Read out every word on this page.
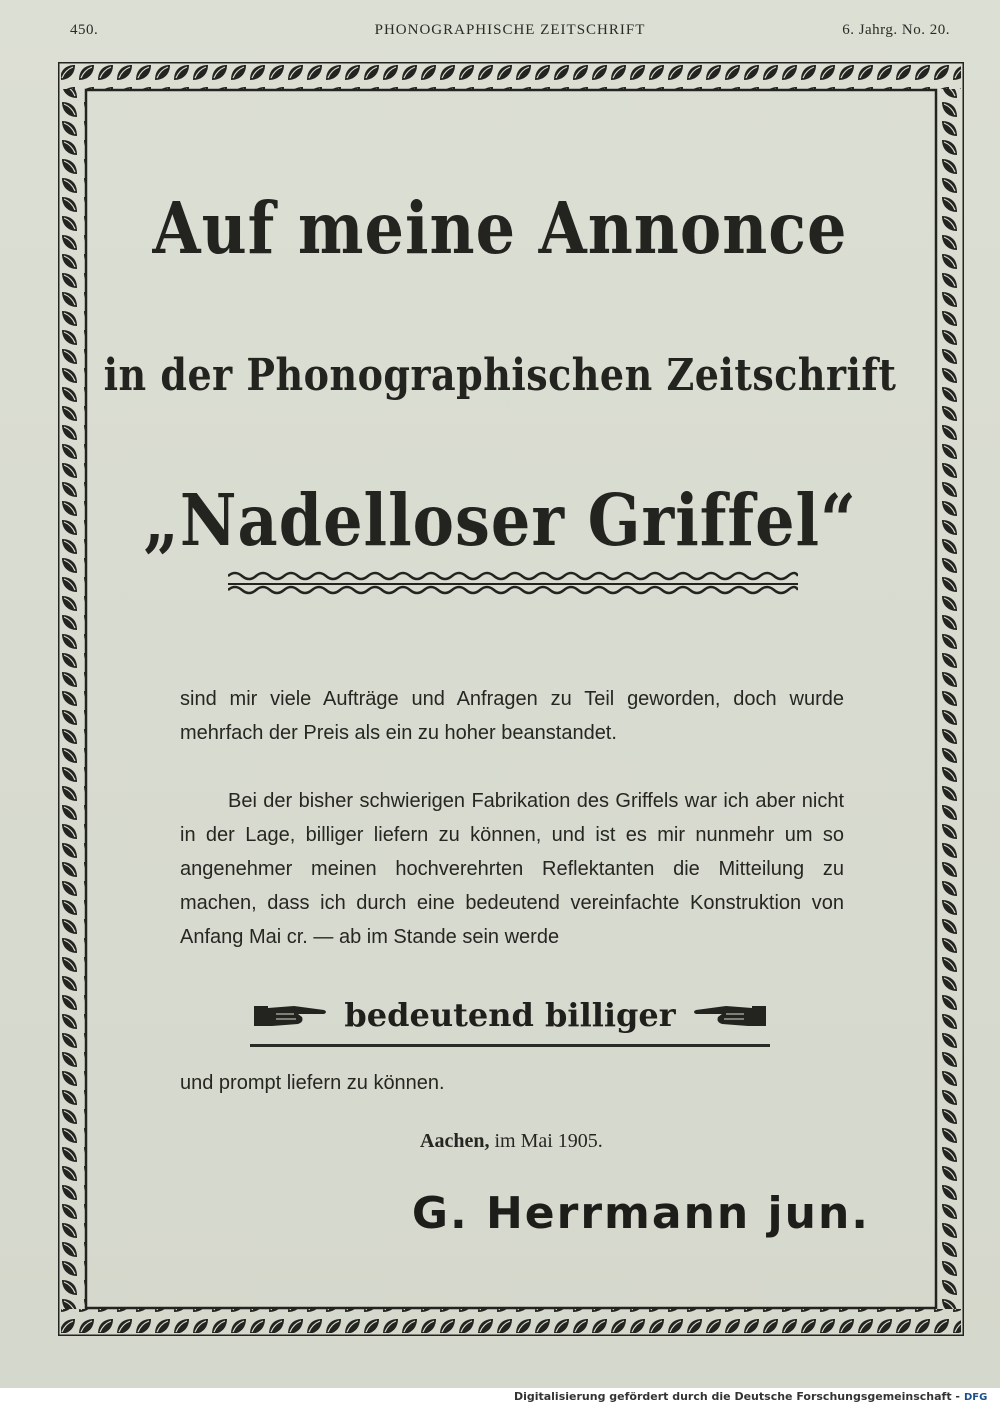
450.	PHONOGRAPHISCHE ZEITSCHRIFT	6. Jahrg. No. 20.
Auf meine Annonce
in der Phonographischen Zeitschrift
„Nadelloser Griffel“
sind mir viele Aufträge und Anfragen zu Teil geworden, doch wurde mehrfach der Preis als ein zu hoher beanstandet.
Bei der bisher schwierigen Fabrikation des Griffels war ich aber nicht in der Lage, billiger liefern zu können, und ist es mir nunmehr um so angenehmer meinen hochverehrten Reflektanten die Mitteilung zu machen, dass ich durch eine bedeutend vereinfachte Konstruktion von Anfang Mai cr. — ab im Stande sein werde
bedeutend billiger
und prompt liefern zu können.
Aachen, im Mai 1905.
G. Herrmann jun.
Digitalisierung gefördert durch die Deutsche Forschungsgemeinschaft - DFG
